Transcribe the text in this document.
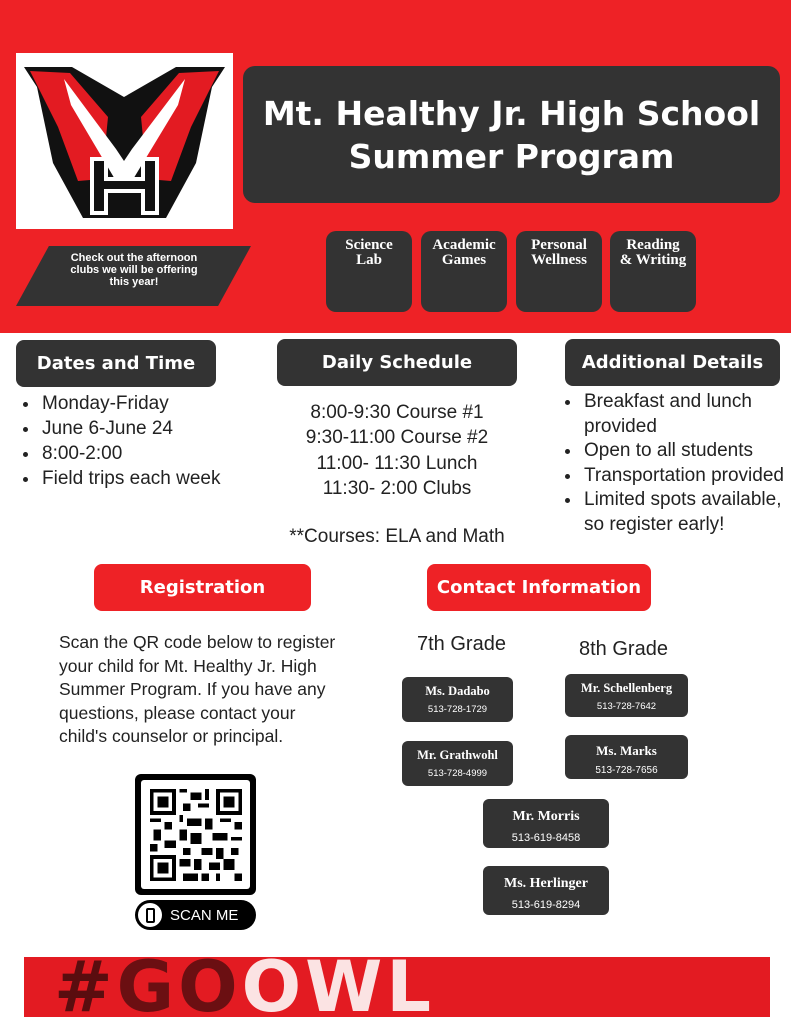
Mt. Healthy Jr. High School
Summer Program
Check out the afternoon clubs we will be offering this year!
Science
Lab
Academic
Games
Personal
Wellness
Reading
& Writing
Dates and Time
• Monday-Friday
• June 6-June 24
• 8:00-2:00
• Field trips each week
Daily Schedule
8:00-9:30 Course #1
9:30-11:00 Course #2
11:00- 11:30 Lunch
11:30- 2:00 Clubs
**Courses: ELA and Math
Additional Details
• Breakfast and lunch provided
• Open to all students
• Transportation provided
• Limited spots available, so register early!
Registration
Scan the QR code below to register your child for Mt. Healthy Jr. High Summer Program. If you have any questions, please contact your child's counselor or principal.
SCAN ME
Contact Information
7th Grade	8th Grade
Ms. Dadabo
513-728-1729
Mr. Grathwohl
513-728-4999
Mr. Schellenberg
513-728-7642
Ms. Marks
513-728-7656
Mr. Morris
513-619-8458
Ms. Herlinger
513-619-8294
#GOOWL
